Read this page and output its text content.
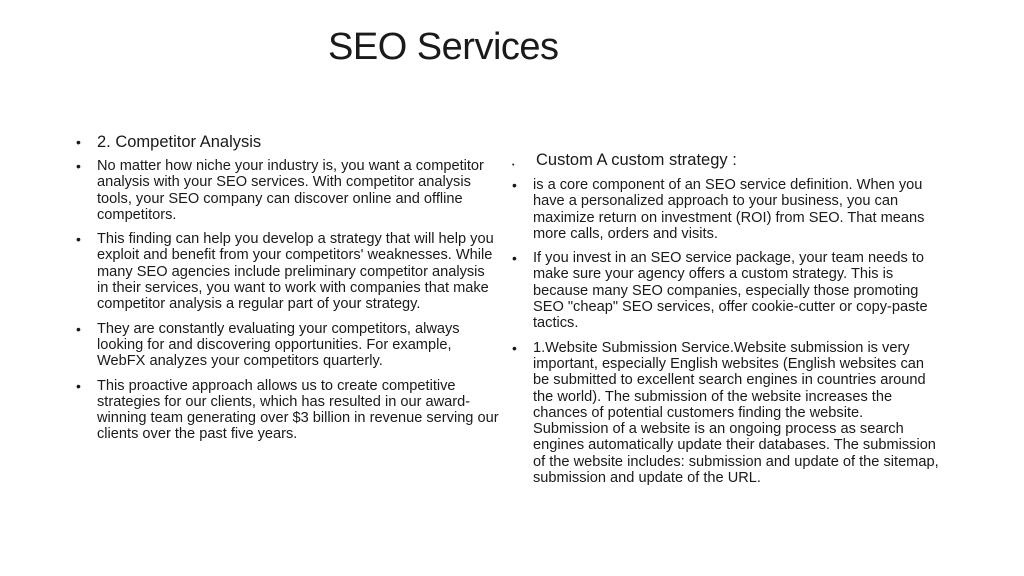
SEO Services
• 2. Competitor Analysis
• No matter how niche your industry is, you want a competitor analysis with your SEO services. With competitor analysis tools, your SEO company can discover online and offline competitors.
• This finding can help you develop a strategy that will help you exploit and benefit from your competitors' weaknesses. While many SEO agencies include preliminary competitor analysis in their services, you want to work with companies that make competitor analysis a regular part of your strategy.
• They are constantly evaluating your competitors, always looking for and discovering opportunities. For example, WebFX analyzes your competitors quarterly.
• This proactive approach allows us to create competitive strategies for our clients, which has resulted in our award-winning team generating over $3 billion in revenue serving our clients over the past five years.
• Custom A custom strategy :
• is a core component of an SEO service definition. When you have a personalized approach to your business, you can maximize return on investment (ROI) from SEO. That means more calls, orders and visits.
• If you invest in an SEO service package, your team needs to make sure your agency offers a custom strategy. This is because many SEO companies, especially those promoting SEO "cheap" SEO services, offer cookie-cutter or copy-paste tactics.
• 1.Website Submission Service.Website submission is very important, especially English websites (English websites can be submitted to excellent search engines in countries around the world). The submission of the website increases the chances of potential customers finding the website. Submission of a website is an ongoing process as search engines automatically update their databases. The submission of the website includes: submission and update of the sitemap, submission and update of the URL.
